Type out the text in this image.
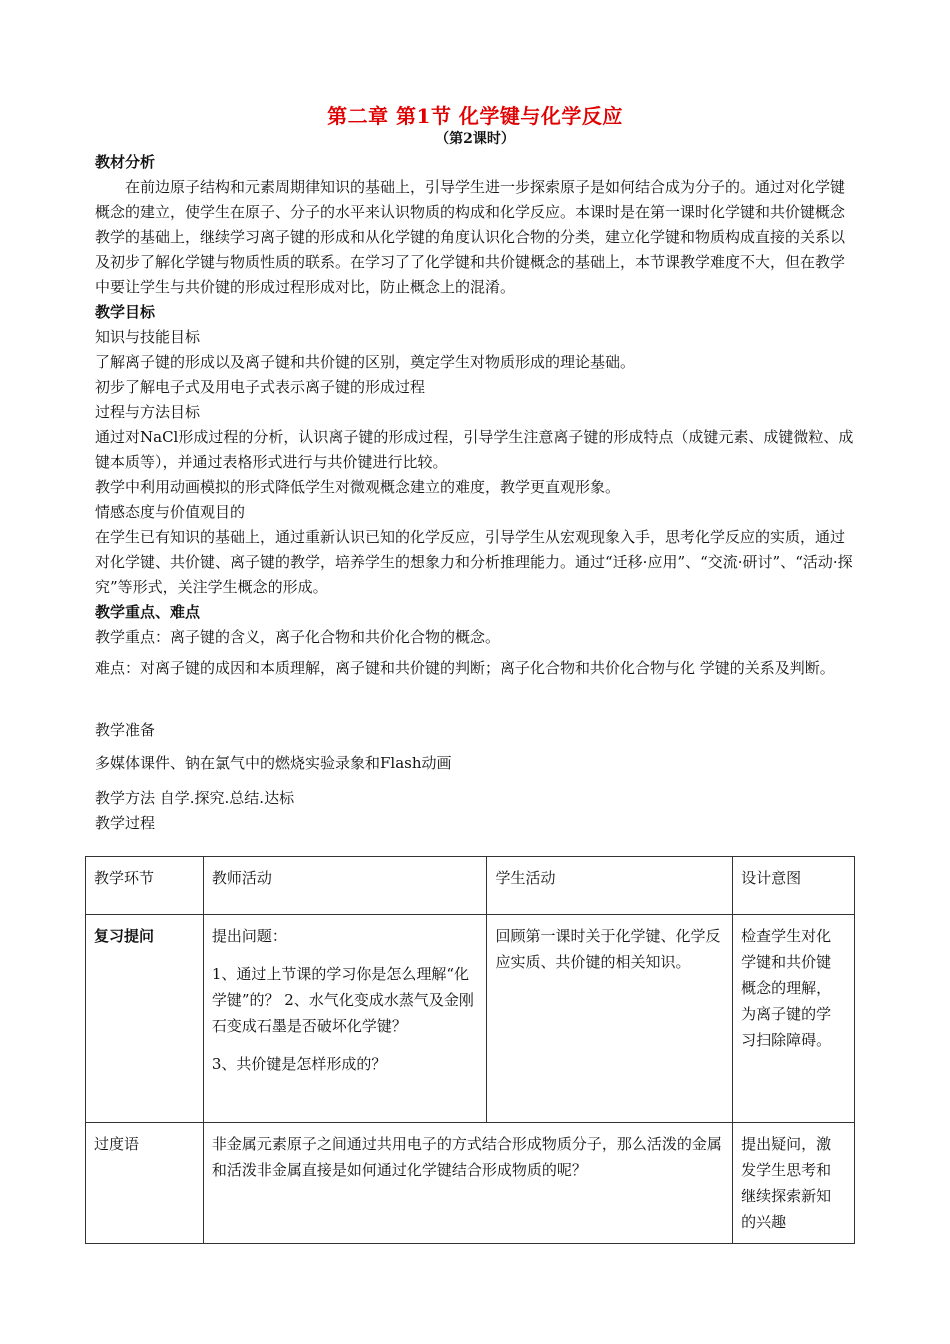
第二章 第1节 化学键与化学反应
（第2课时）
教材分析
在前边原子结构和元素周期律知识的基础上，引导学生进一步探索原子是如何结合成为分子的。通过对化学键概念的建立，使学生在原子、分子的水平来认识物质的构成和化学反应。本课时是在第一课时化学键和共价键概念教学的基础上，继续学习离子键的形成和从化学键的角度认识化合物的分类，建立化学键和物质构成直接的关系以及初步了解化学键与物质性质的联系。在学习了了化学键和共价键概念的基础上，本节课教学难度不大，但在教学中要让学生与共价键的形成过程形成对比，防止概念上的混淆。
教学目标
知识与技能目标
了解离子键的形成以及离子键和共价键的区别，奠定学生对物质形成的理论基础。
初步了解电子式及用电子式表示离子键的形成过程
过程与方法目标
通过对NaCl形成过程的分析，认识离子键的形成过程，引导学生注意离子键的形成特点（成键元素、成键微粒、成键本质等），并通过表格形式进行与共价键进行比较。
教学中利用动画模拟的形式降低学生对微观概念建立的难度，教学更直观形象。
情感态度与价值观目的
在学生已有知识的基础上，通过重新认识已知的化学反应，引导学生从宏观现象入手，思考化学反应的实质，通过对化学键、共价键、离子键的教学，培养学生的想象力和分析推理能力。通过“迁移·应用”、“交流·研讨”、“活动·探究”等形式，关注学生概念的形成。
教学重点、难点
教学重点：离子键的含义，离子化合物和共价化合物的概念。
难点：对离子键的成因和本质理解，离子键和共价键的判断；离子化合物和共价化合物与化 学键的关系及判断。
教学准备
多媒体课件、钠在氯气中的燃烧实验录象和Flash动画
教学方法 自学.探究.总结.达标
教学过程
教学环节	教师活动	学生活动	设计意图
复习提问	提出问题：

1、通过上节课的学习你是怎么理解“化学键”的？ 2、水气化变成水蒸气及金刚石变成石墨是否破坏化学键？

3、共价键是怎样形成的？	回顾第一课时关于化学键、化学反应实质、共价键的相关知识。	检查学生对化学键和共价键概念的理解，为离子键的学习扫除障碍。
过度语	非金属元素原子之间通过共用电子的方式结合形成物质分子，那么活泼的金属和活泼非金属直接是如何通过化学键结合形成物质的呢？		提出疑问，激发学生思考和继续探索新知的兴趣
